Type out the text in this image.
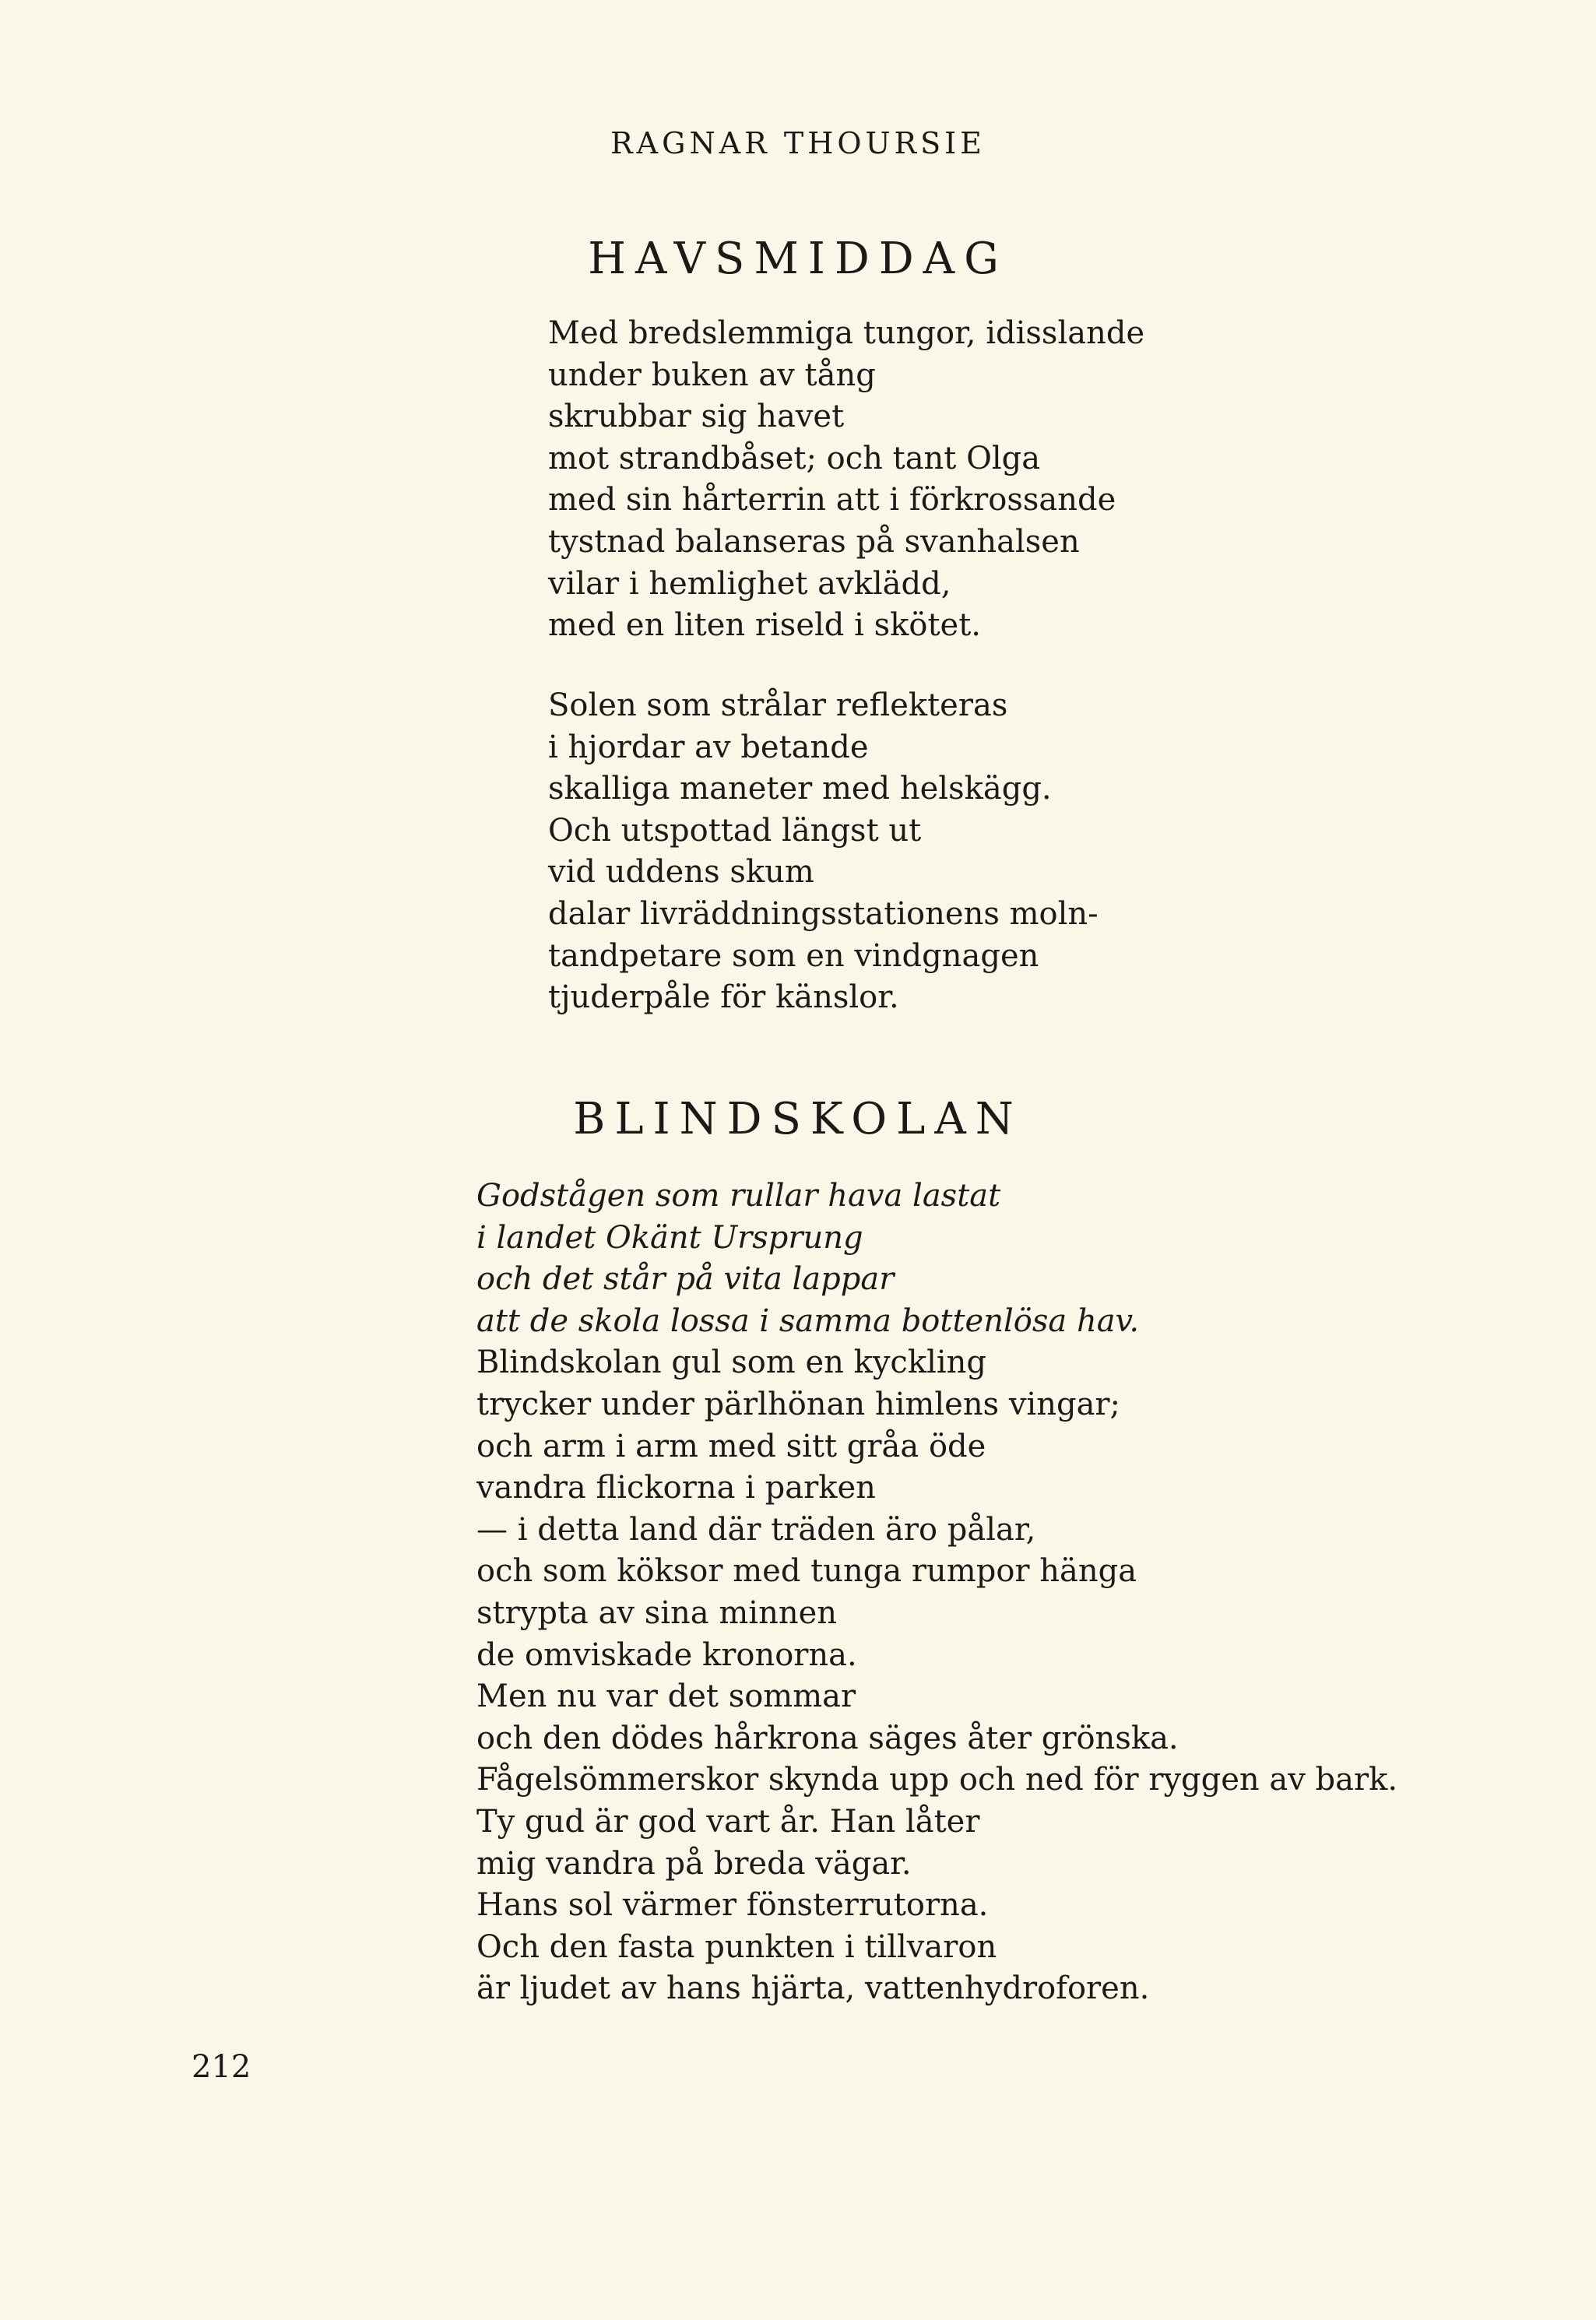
RAGNAR THOURSIE
HAVSMIDDAG
Med bredslemmiga tungor, idisslande
under buken av tång
skrubbar sig havet
mot strandbåset; och tant Olga
med sin hårterrin att i förkrossande
tystnad balanseras på svanhalsen
vilar i hemlighet avklädd,
med en liten riseld i skötet.
Solen som strålar reflekteras
i hjordar av betande
skalliga maneter med helskägg.
Och utspottad längst ut
vid uddens skum
dalar livräddningsstationens moln-
tandpetare som en vindgnagen
tjuderpåle för känslor.
BLINDSKOLAN
Godstågen som rullar hava lastat
i landet Okänt Ursprung
och det står på vita lappar
att de skola lossa i samma bottenlösa hav.
Blindskolan gul som en kyckling
trycker under pärlhönan himlens vingar;
och arm i arm med sitt gråa öde
vandra flickorna i parken
— i detta land där träden äro pålar,
och som köksor med tunga rumpor hänga
strypta av sina minnen
de omviskade kronorna.
Men nu var det sommar
och den dödes hårkrona säges åter grönska.
Fågelsömmerskor skynda upp och ned för ryggen av bark.
Ty gud är god vart år. Han låter
mig vandra på breda vägar.
Hans sol värmer fönsterrutorna.
Och den fasta punkten i tillvaron
är ljudet av hans hjärta, vattenhydroforen.
212
